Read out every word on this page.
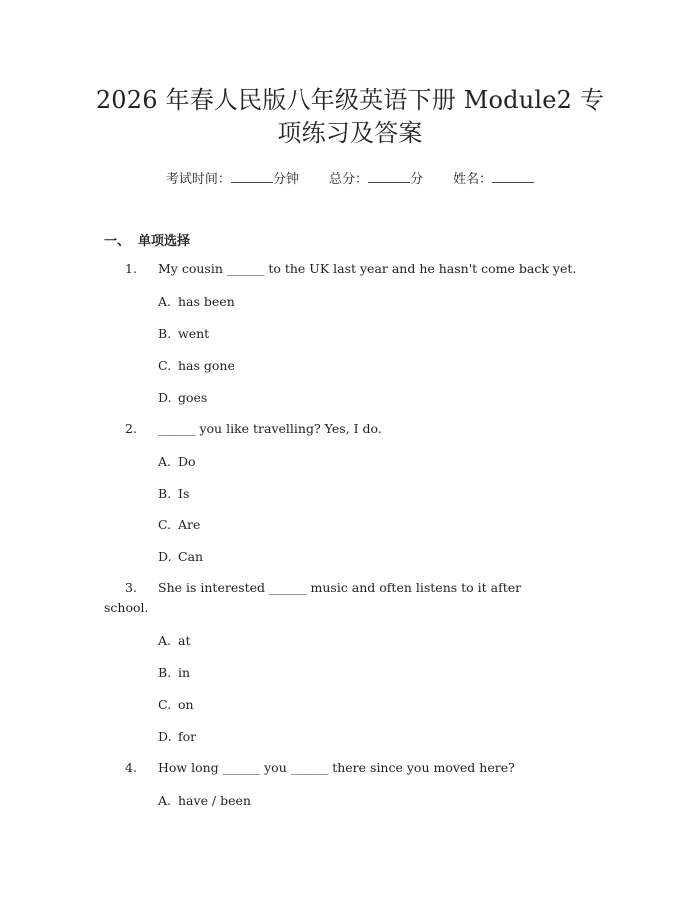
2026 年春人民版八年级英语下册 Module2 专
项练习及答案
考试时间：	分钟 总分：	分 姓名：
一、 单项选择
1. My cousin ______ to the UK last year and he hasn't come back yet.
A. has been
B. went
C. has gone
D. goes
2. ______ you like travelling? Yes, I do.
A. Do
B. Is
C. Are
D. Can
3. She is interested ______ music and often listens to it after
school.
A. at
B. in
C. on
D. for
4. How long ______ you ______ there since you moved here?
A. have / been
